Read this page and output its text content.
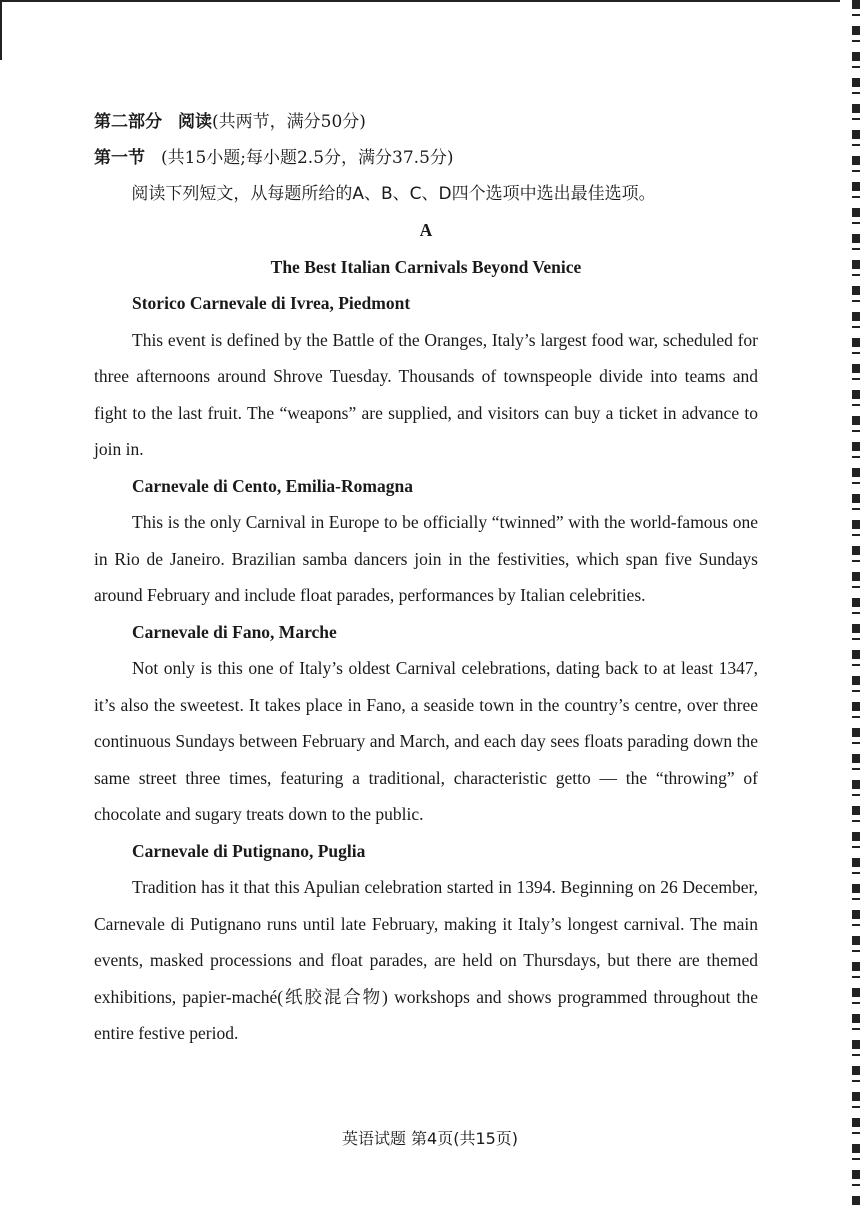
第二部分 阅读(共两节，满分50分)

第一节 (共15小题;每小题2.5分，满分37.5分)

阅读下列短文，从每题所给的A、B、C、D四个选项中选出最佳选项。

A

The Best Italian Carnivals Beyond Venice

Storico Carnevale di Ivrea, Piedmont

This event is defined by the Battle of the Oranges, Italy’s largest food war, scheduled for three afternoons around Shrove Tuesday. Thousands of townspeople divide into teams and fight to the last fruit. The “weapons” are supplied, and visitors can buy a ticket in advance to join in.

Carnevale di Cento, Emilia-Romagna

This is the only Carnival in Europe to be officially “twinned” with the world-famous one in Rio de Janeiro. Brazilian samba dancers join in the festivities, which span five Sundays around February and include float parades, performances by Italian celebrities.

Carnevale di Fano, Marche

Not only is this one of Italy’s oldest Carnival celebrations, dating back to at least 1347, it’s also the sweetest. It takes place in Fano, a seaside town in the country’s centre, over three continuous Sundays between February and March, and each day sees floats parading down the same street three times, featuring a traditional, characteristic getto — the “throwing” of chocolate and sugary treats down to the public.

Carnevale di Putignano, Puglia

Tradition has it that this Apulian celebration started in 1394. Beginning on 26 December, Carnevale di Putignano runs until late February, making it Italy’s longest carnival. The main events, masked processions and float parades, are held on Thursdays, but there are themed exhibitions, papier-maché(纸胶混合物) workshops and shows programmed throughout the entire festive period.

英语试题 第4页(共15页)
